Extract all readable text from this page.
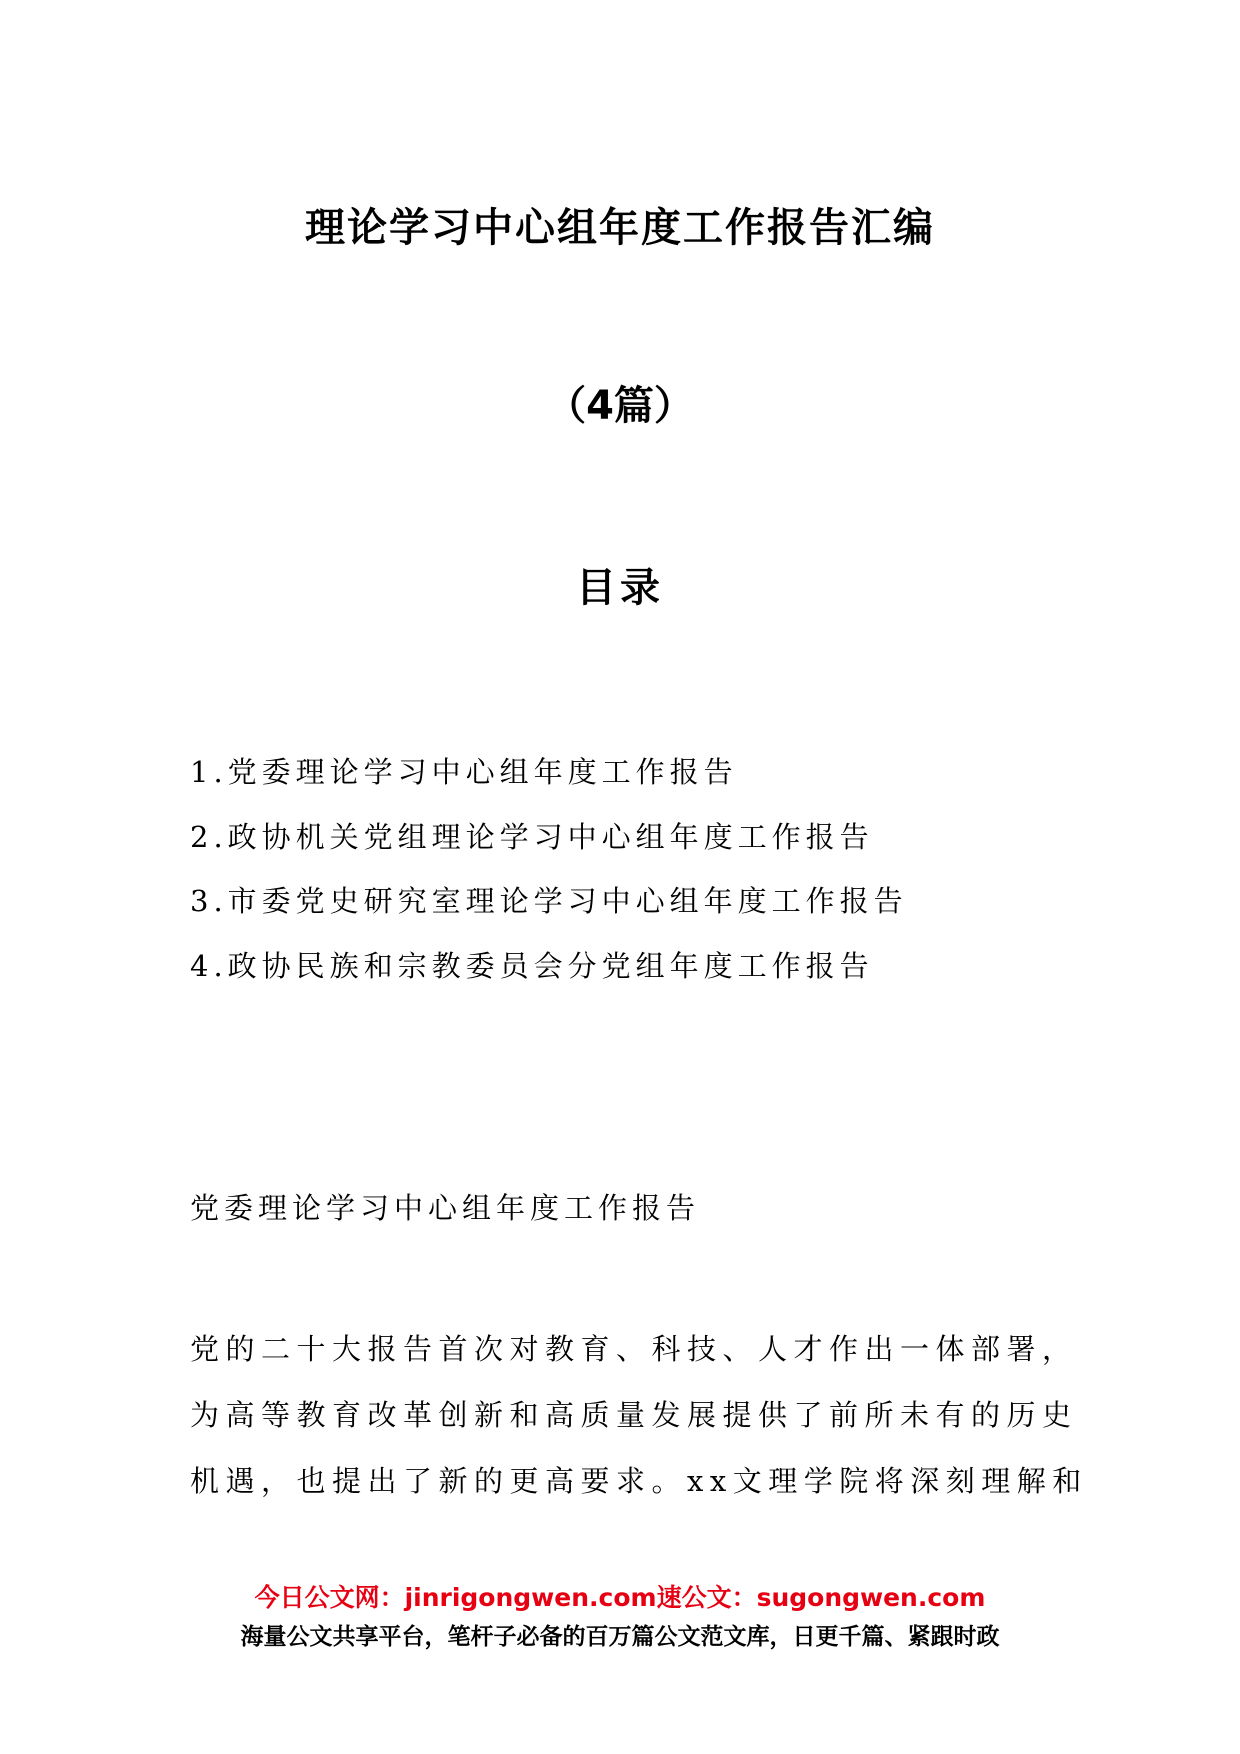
理论学习中心组年度工作报告汇编
（4篇）
目录
1.党委理论学习中心组年度工作报告
2.政协机关党组理论学习中心组年度工作报告
3.市委党史研究室理论学习中心组年度工作报告
4.政协民族和宗教委员会分党组年度工作报告
党委理论学习中心组年度工作报告

党的二十大报告首次对教育、科技、人才作出一体部署，
为高等教育改革创新和高质量发展提供了前所未有的历史
机遇，也提出了新的更高要求。xx文理学院将深刻理解和

今日公文网：jinrigongwen.com速公文：sugongwen.com
海量公文共享平台，笔杆子必备的百万篇公文范文库，日更千篇、紧跟时政
